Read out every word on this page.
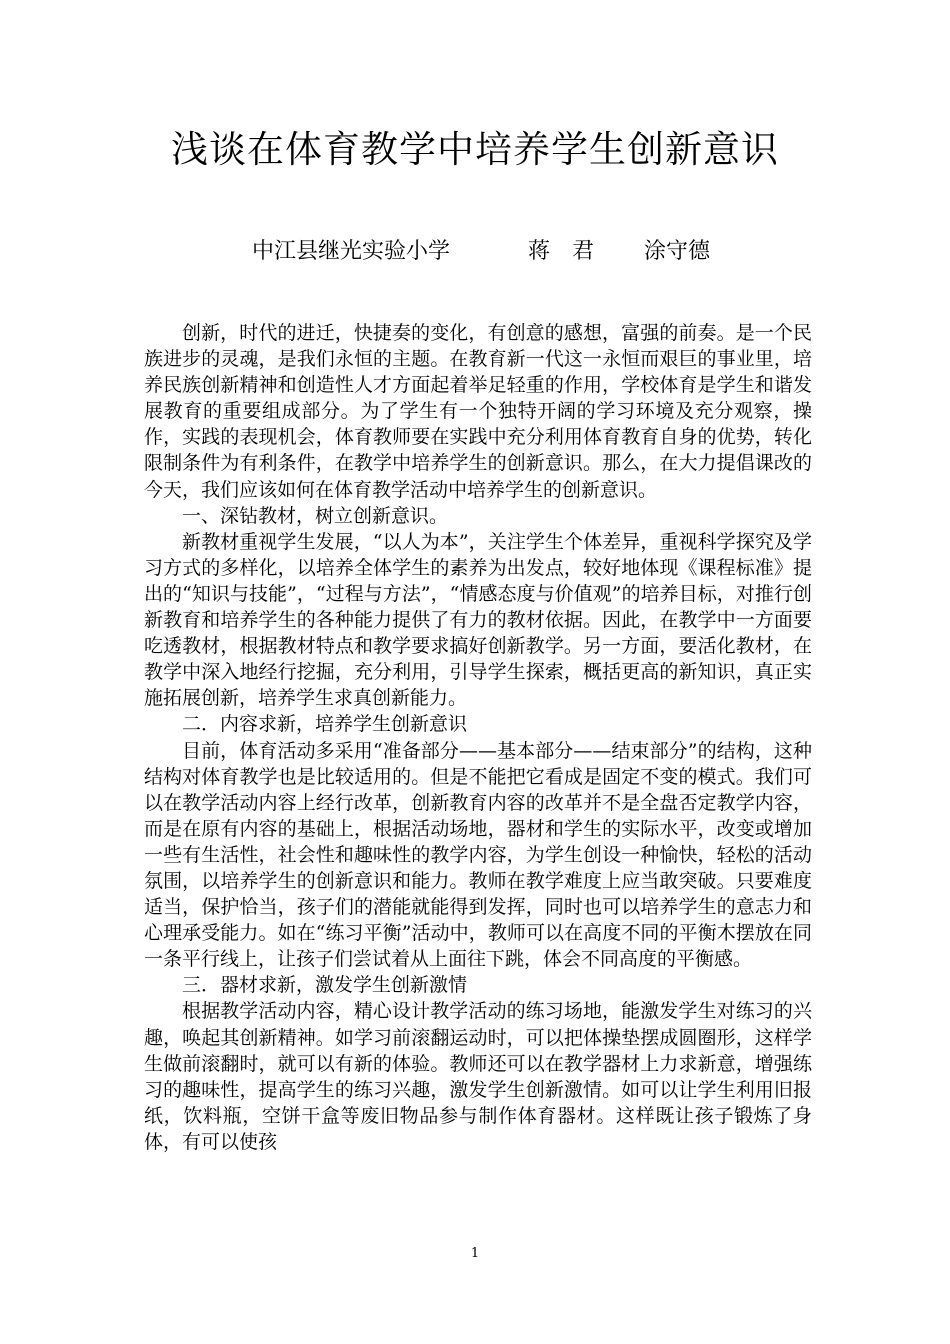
浅谈在体育教学中培养学生创新意识
中江县继光实验小学	蒋　君 涂守德

创新，时代的进迁，快捷奏的变化，有创意的感想，富强的前奏。是一个民族进步的灵魂，是我们永恒的主题。在教育新一代这一永恒而艰巨的事业里，培养民族创新精神和创造性人才方面起着举足轻重的作用，学校体育是学生和谐发展教育的重要组成部分。为了学生有一个独特开阔的学习环境及充分观察，操作，实践的表现机会，体育教师要在实践中充分利用体育教育自身的优势，转化限制条件为有利条件，在教学中培养学生的创新意识。那么，在大力提倡课改的今天，我们应该如何在体育教学活动中培养学生的创新意识。

一、深钻教材，树立创新意识。

新教材重视学生发展，“以人为本”，关注学生个体差异，重视科学探究及学习方式的多样化，以培养全体学生的素养为出发点，较好地体现《课程标准》提出的“知识与技能”，“过程与方法”，“情感态度与价值观”的培养目标，对推行创新教育和培养学生的各种能力提供了有力的教材依据。因此，在教学中一方面要吃透教材，根据教材特点和教学要求搞好创新教学。另一方面，要活化教材，在教学中深入地经行挖掘，充分利用，引导学生探索，概括更高的新知识，真正实施拓展创新，培养学生求真创新能力。

二．内容求新，培养学生创新意识

目前，体育活动多采用“准备部分——基本部分——结束部分”的结构，这种结构对体育教学也是比较适用的。但是不能把它看成是固定不变的模式。我们可以在教学活动内容上经行改革，创新教育内容的改革并不是全盘否定教学内容，而是在原有内容的基础上，根据活动场地，器材和学生的实际水平，改变或增加一些有生活性，社会性和趣味性的教学内容，为学生创设一种愉快，轻松的活动氛围，以培养学生的创新意识和能力。教师在教学难度上应当敢突破。只要难度适当，保护恰当，孩子们的潜能就能得到发挥，同时也可以培养学生的意志力和心理承受能力。如在“练习平衡”活动中，教师可以在高度不同的平衡木摆放在同一条平行线上，让孩子们尝试着从上面往下跳，体会不同高度的平衡感。

三．器材求新，激发学生创新激情

根据教学活动内容，精心设计教学活动的练习场地，能激发学生对练习的兴趣，唤起其创新精神。如学习前滚翻运动时，可以把体操垫摆成圆圈形，这样学生做前滚翻时，就可以有新的体验。教师还可以在教学器材上力求新意，增强练习的趣味性，提高学生的练习兴趣，激发学生创新激情。如可以让学生利用旧报纸，饮料瓶，空饼干盒等废旧物品参与制作体育器材。这样既让孩子锻炼了身体，有可以使孩

1
